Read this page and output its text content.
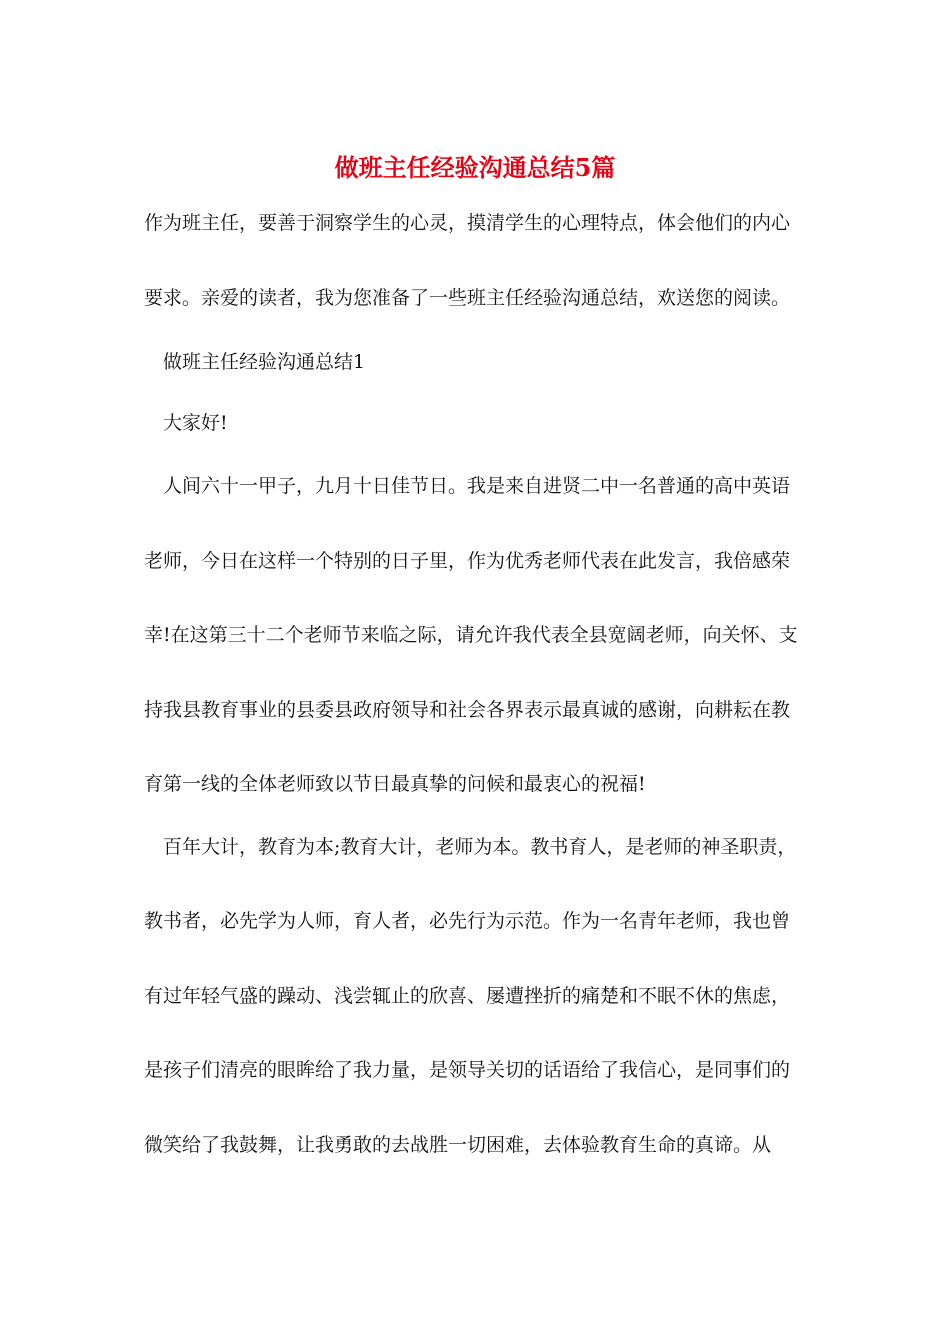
做班主任经验沟通总结5篇
作为班主任，要善于洞察学生的心灵，摸清学生的心理特点，体会他们的内心
要求。亲爱的读者，我为您准备了一些班主任经验沟通总结，欢送您的阅读。
做班主任经验沟通总结1
大家好!
人间六十一甲子，九月十日佳节日。我是来自进贤二中一名普通的高中英语
老师，今日在这样一个特别的日子里，作为优秀老师代表在此发言，我倍感荣
幸!在这第三十二个老师节来临之际，请允许我代表全县宽阔老师，向关怀、支
持我县教育事业的县委县政府领导和社会各界表示最真诚的感谢，向耕耘在教
育第一线的全体老师致以节日最真挚的问候和最衷心的祝福!
百年大计，教育为本;教育大计，老师为本。教书育人，是老师的神圣职责，
教书者，必先学为人师，育人者，必先行为示范。作为一名青年老师，我也曾
有过年轻气盛的躁动、浅尝辄止的欣喜、屡遭挫折的痛楚和不眠不休的焦虑，
是孩子们清亮的眼眸给了我力量，是领导关切的话语给了我信心，是同事们的
微笑给了我鼓舞，让我勇敢的去战胜一切困难，去体验教育生命的真谛。从
